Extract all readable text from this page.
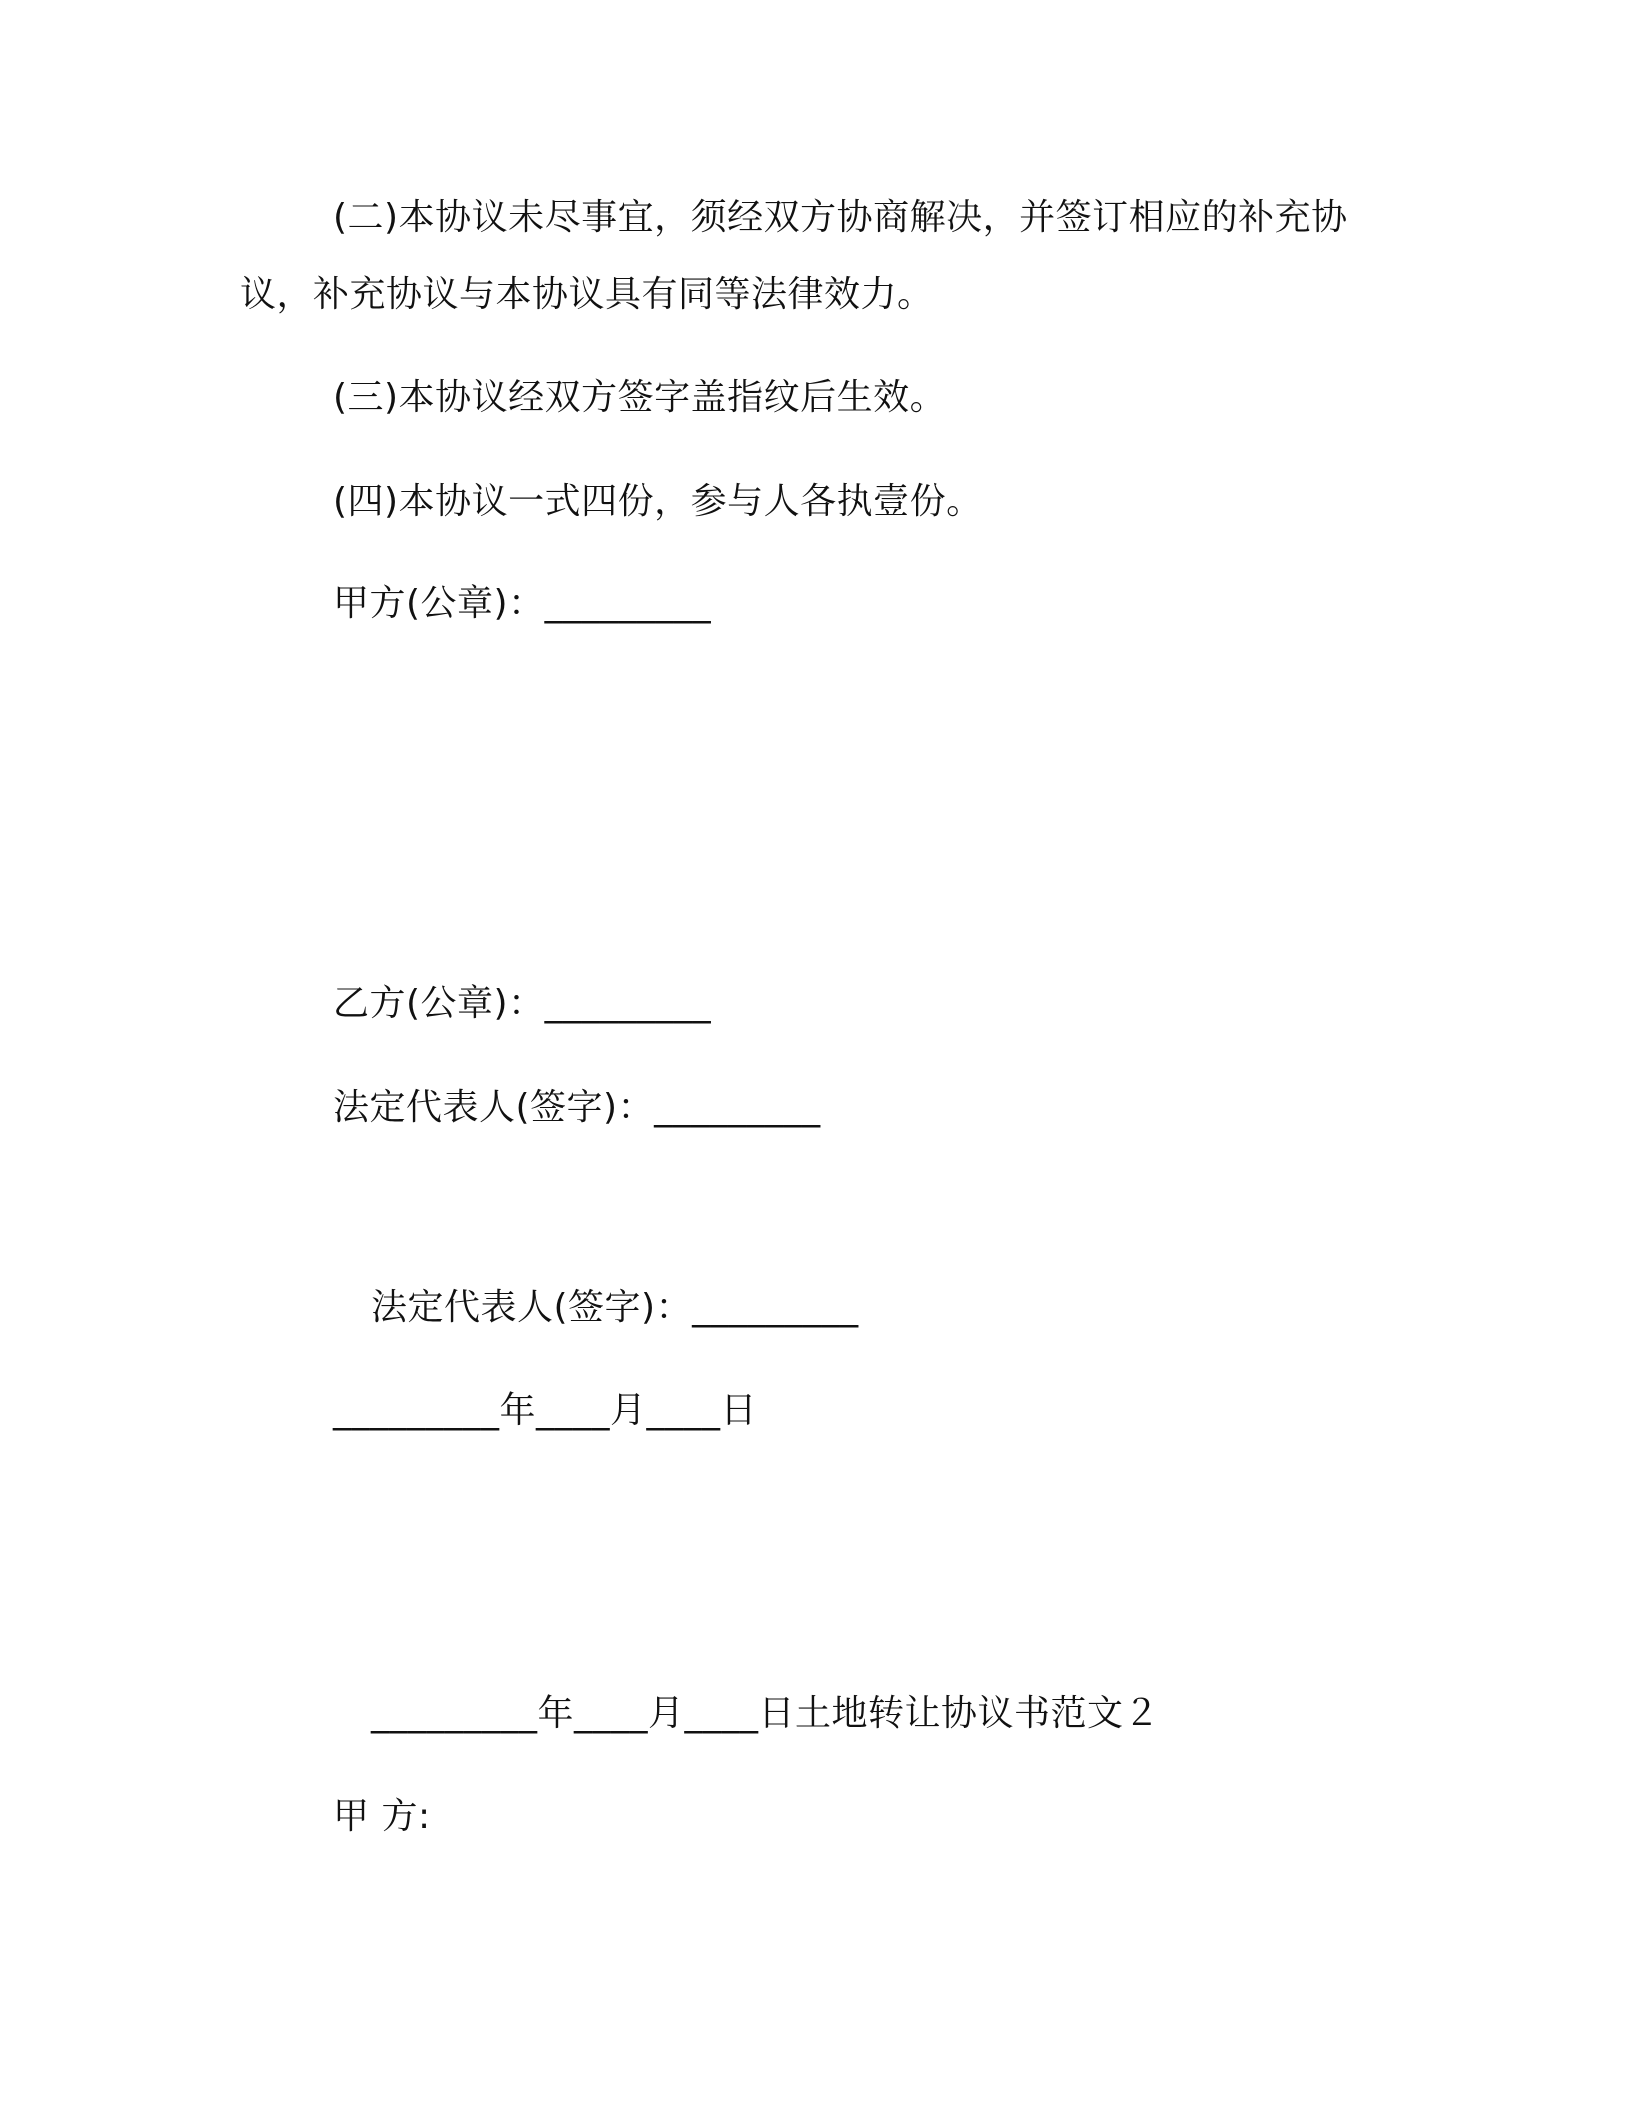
(二)本协议未尽事宜，须经双方协商解决，并签订相应的补充协
议，补充协议与本协议具有同等法律效力。
(三)本协议经双方签字盖指纹后生效。
(四)本协议一式四份，参与人各执壹份。
甲方(公章)：_________
乙方(公章)：_________
法定代表人(签字)：_________
法定代表人(签字)：_________
_________年____月____日
_________年____月____日土地转让协议书范文２
甲 方:
